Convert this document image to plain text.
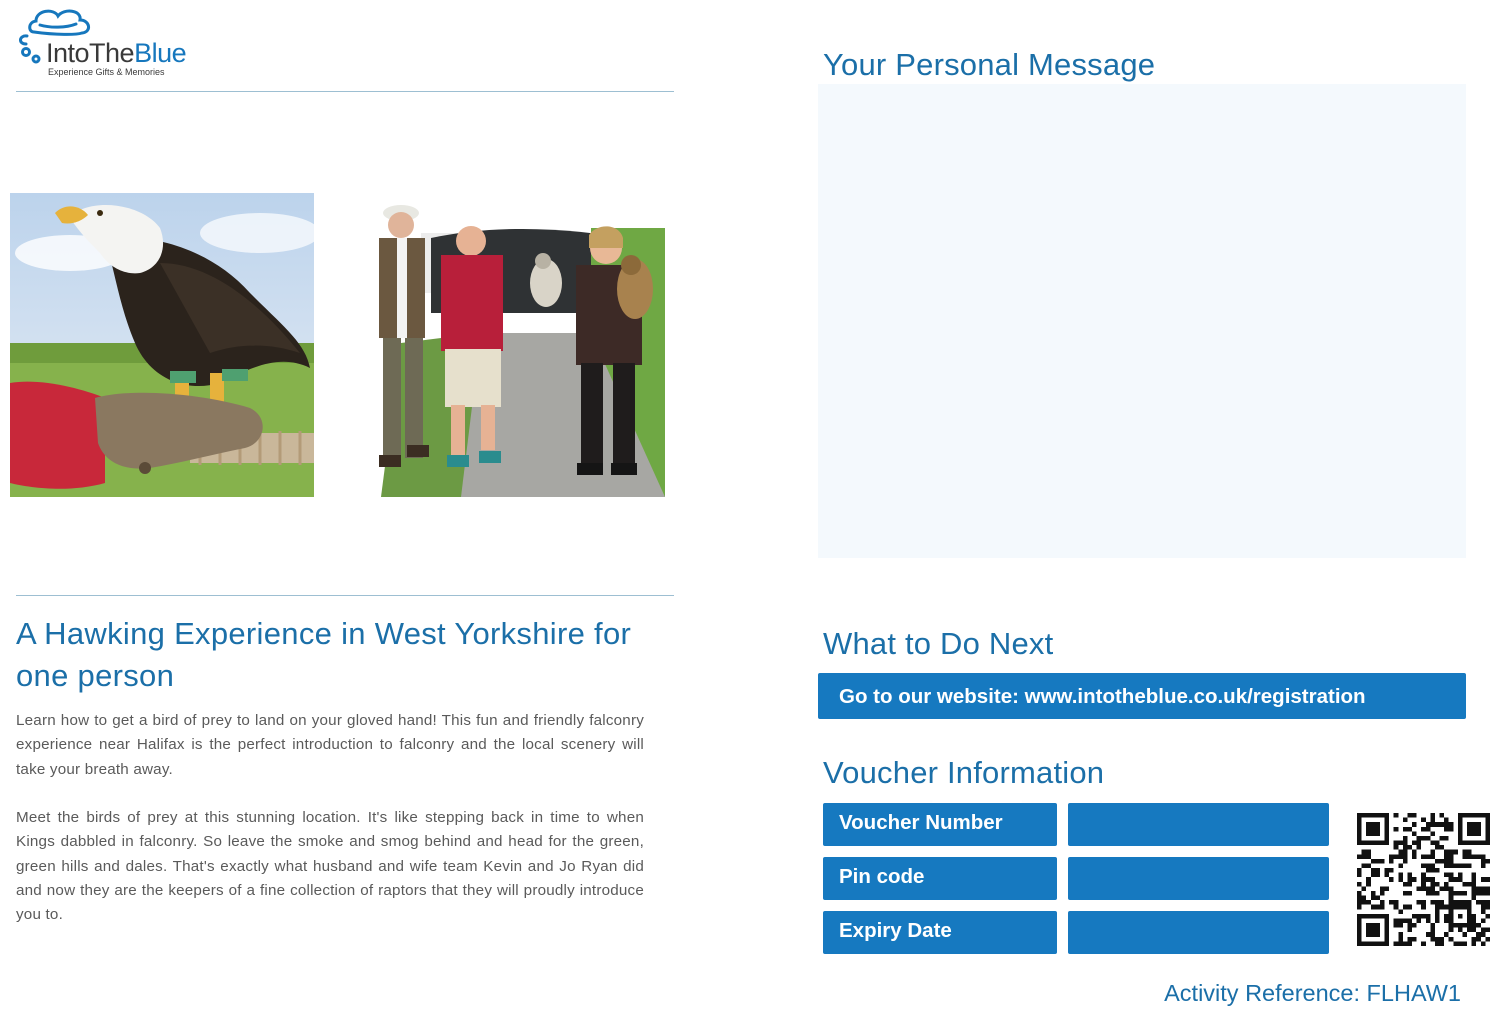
IntoTheBlue
Experience Gifts & Memories
A Hawking Experience in West Yorkshire for one person
Learn how to get a bird of prey to land on your gloved hand! This fun and friendly falconry experience near Halifax is the perfect introduction to falconry and the local scenery will take your breath away.
Meet the birds of prey at this stunning location. It's like stepping back in time to when Kings dabbled in falconry. So leave the smoke and smog behind and head for the green, green hills and dales. That's exactly what husband and wife team Kevin and Jo Ryan did and now they are the keepers of a fine collection of raptors that they will proudly introduce you to.
Your Personal Message
What to Do Next
Go to our website: www.intotheblue.co.uk/registration
Voucher Information
Voucher Number
Pin code
Expiry Date
Activity Reference: FLHAW1
